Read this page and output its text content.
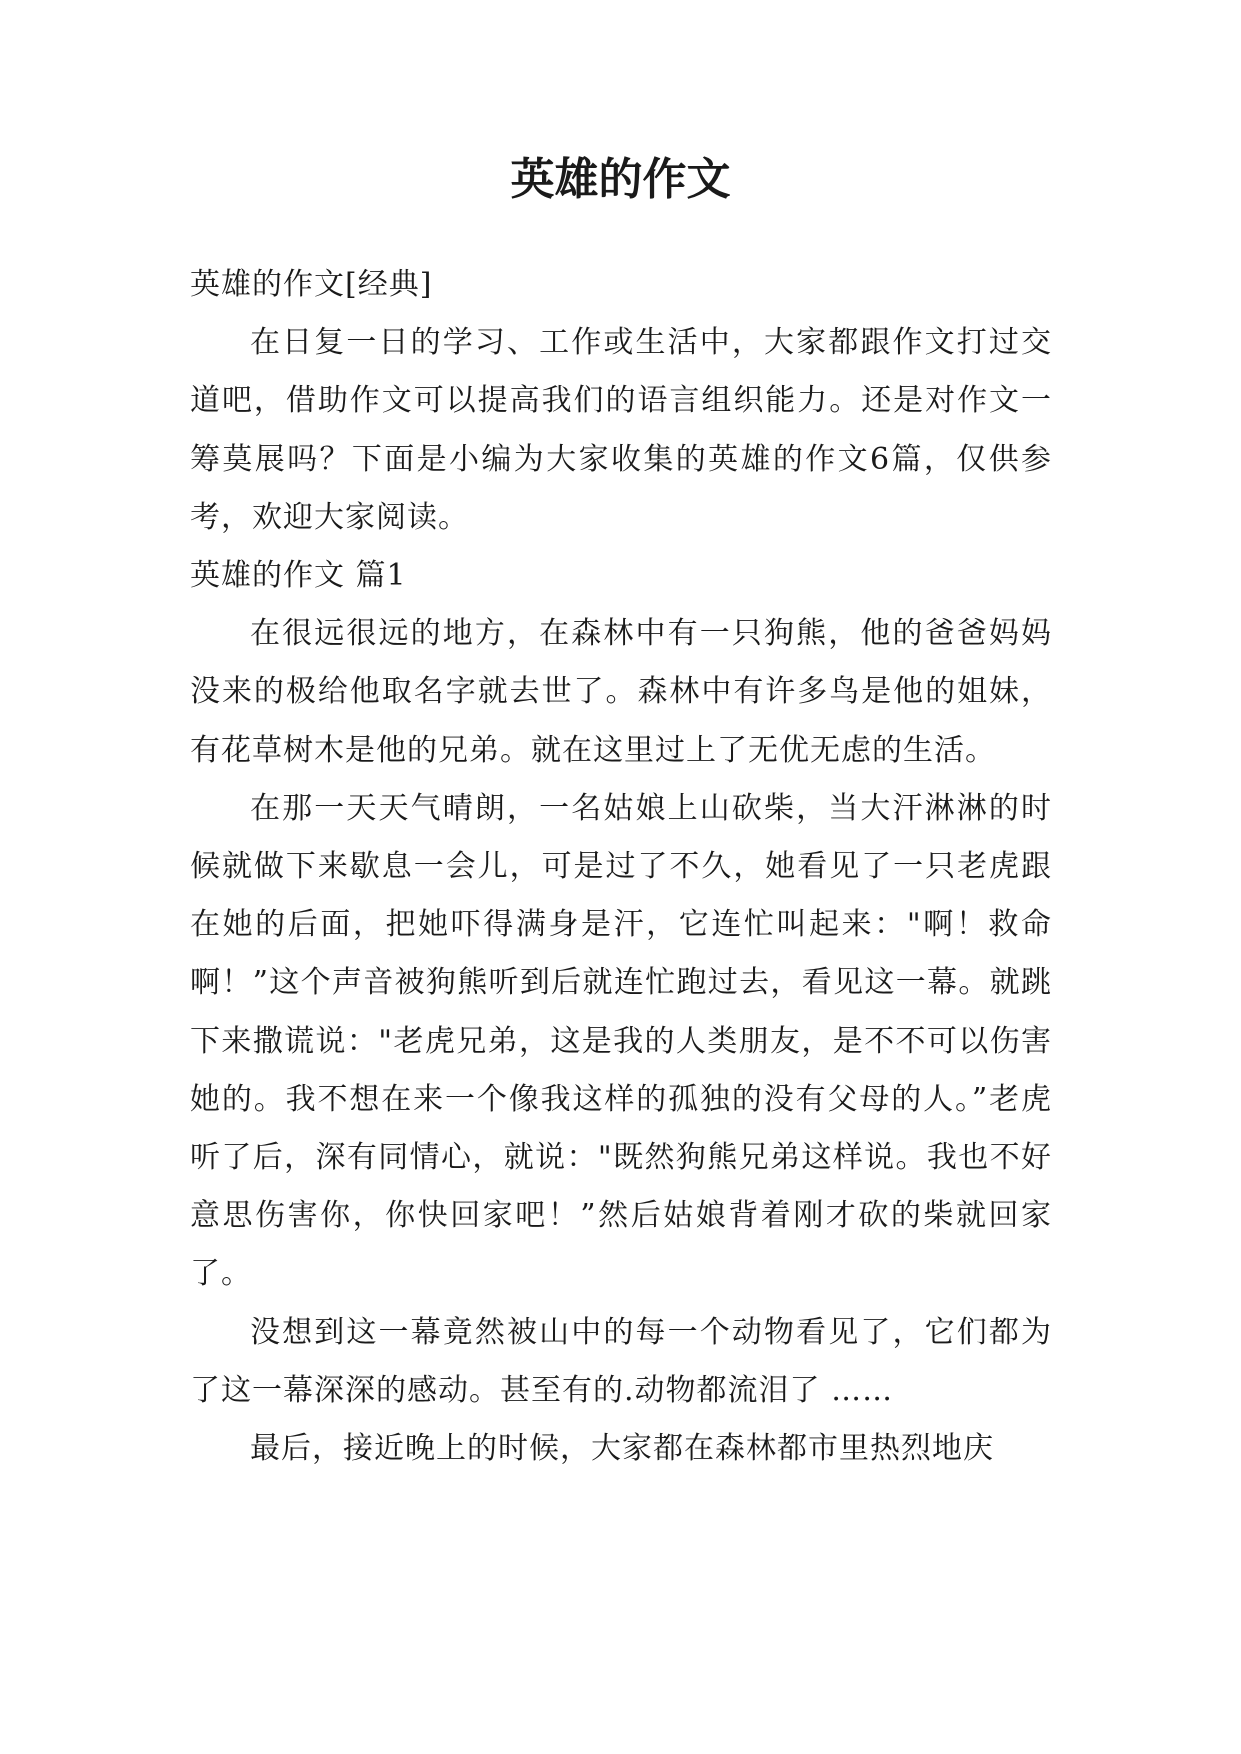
英雄的作文

英雄的作文[经典]

在日复一日的学习、工作或生活中，大家都跟作文打过交道吧，借助作文可以提高我们的语言组织能力。还是对作文一筹莫展吗？下面是小编为大家收集的英雄的作文6篇，仅供参考，欢迎大家阅读。

英雄的作文 篇1

在很远很远的地方，在森林中有一只狗熊，他的爸爸妈妈没来的极给他取名字就去世了。森林中有许多鸟是他的姐妹，有花草树木是他的兄弟。就在这里过上了无优无虑的生活。

在那一天天气晴朗，一名姑娘上山砍柴，当大汗淋淋的时候就做下来歇息一会儿，可是过了不久，她看见了一只老虎跟在她的后面，把她吓得满身是汗，它连忙叫起来："啊！救命啊！”这个声音被狗熊听到后就连忙跑过去，看见这一幕。就跳下来撒谎说："老虎兄弟，这是我的人类朋友，是不不可以伤害她的。我不想在来一个像我这样的孤独的没有父母的人。”老虎听了后，深有同情心，就说："既然狗熊兄弟这样说。我也不好意思伤害你，你快回家吧！”然后姑娘背着刚才砍的柴就回家了。

没想到这一幕竟然被山中的每一个动物看见了，它们都为了这一幕深深的感动。甚至有的.动物都流泪了 ……

最后，接近晚上的时候，大家都在森林都市里热烈地庆
